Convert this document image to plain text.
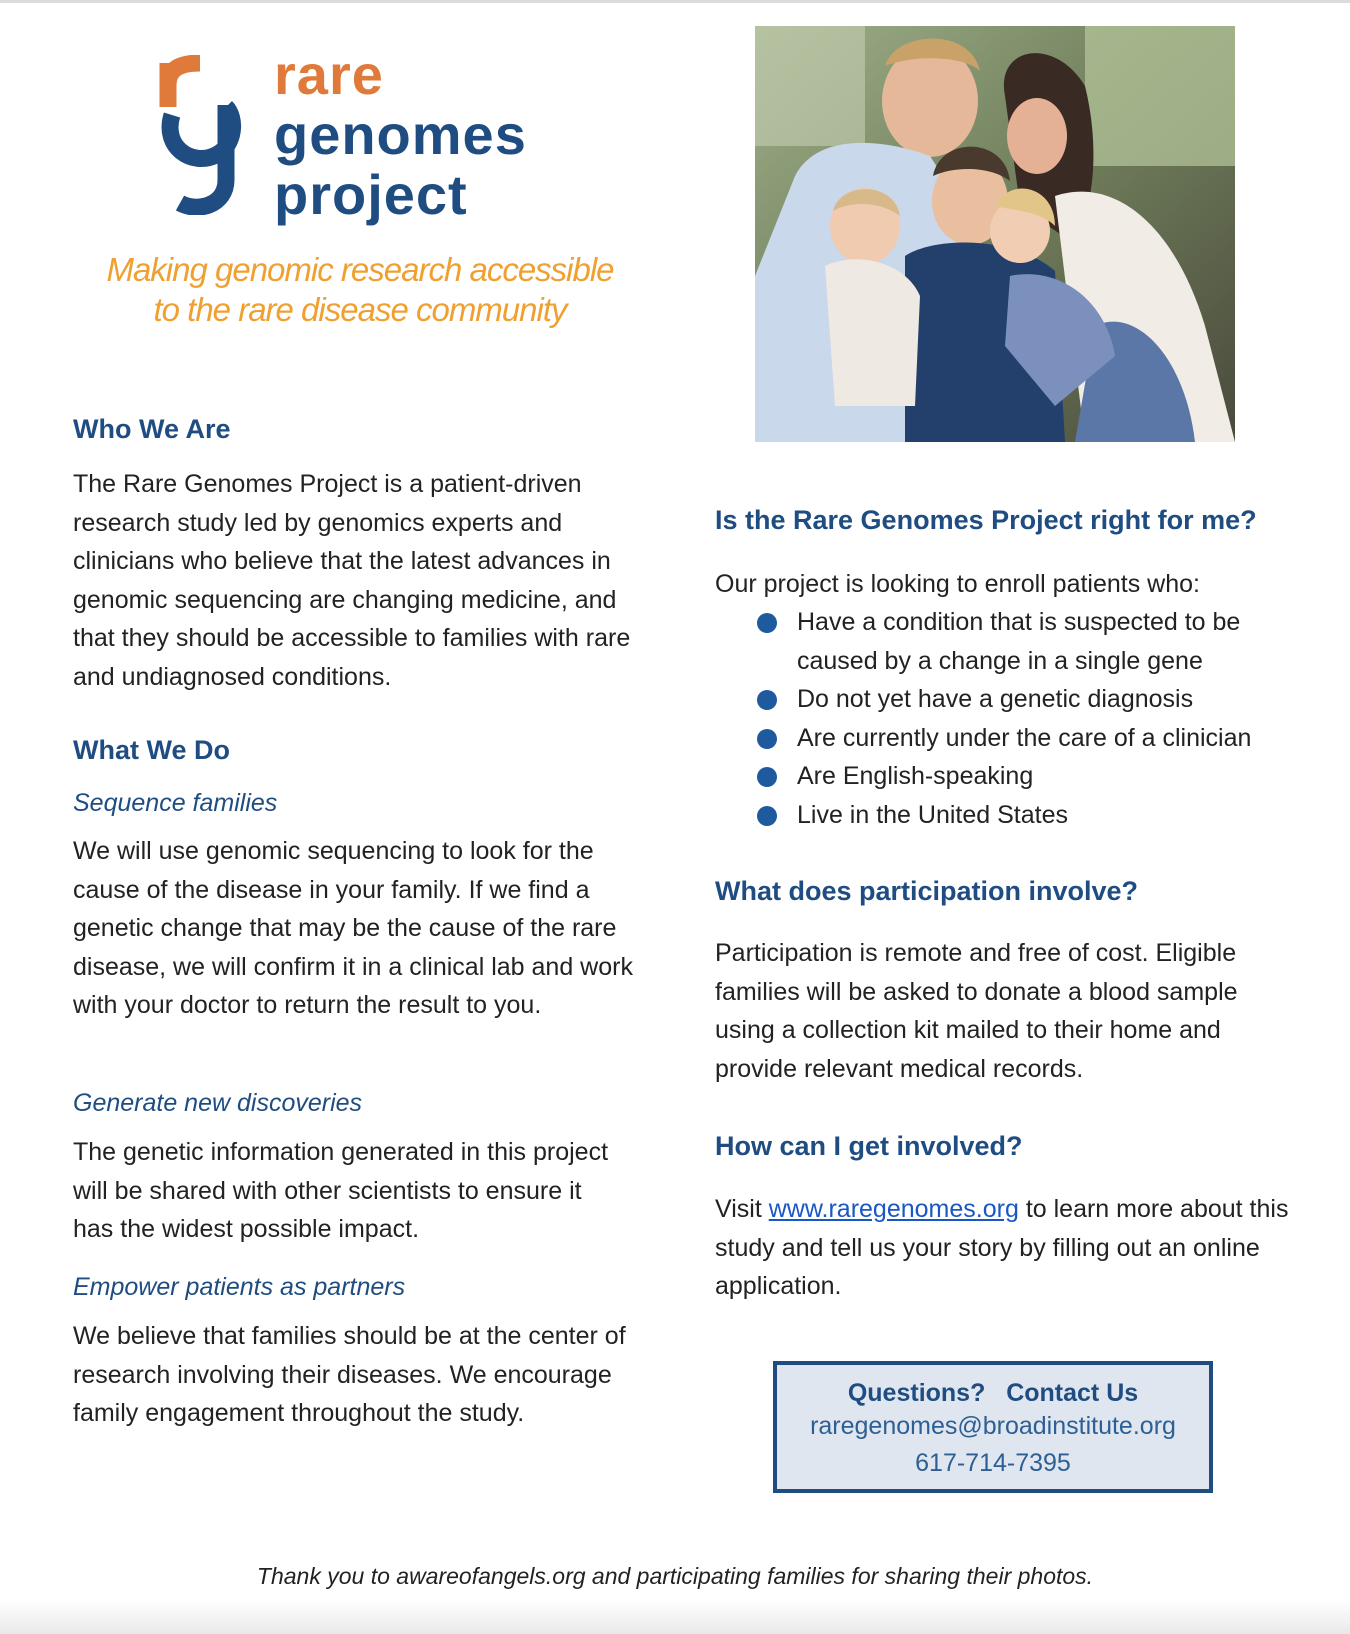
rare
genomes
project
Making genomic research accessible to the rare disease community
Who We Are

The Rare Genomes Project is a patient-driven research study led by genomics experts and clinicians who believe that the latest advances in genomic sequencing are changing medicine, and that they should be accessible to families with rare and undiagnosed conditions.

What We Do
Sequence families

We will use genomic sequencing to look for the cause of the disease in your family. If we find a genetic change that may be the cause of the rare disease, we will confirm it in a clinical lab and work with your doctor to return the result to you.

Generate new discoveries

The genetic information generated in this project will be shared with other scientists to ensure it has the widest possible impact.

Empower patients as partners

We believe that families should be at the center of research involving their diseases. We encourage family engagement throughout the study.

Is the Rare Genomes Project right for me?

Our project is looking to enroll patients who:

Have a condition that is suspected to be caused by a change in a single gene
Do not yet have a genetic diagnosis
Are currently under the care of a clinician
Are English-speaking
Live in the United States
What does participation involve?

Participation is remote and free of cost. Eligible families will be asked to donate a blood sample using a collection kit mailed to their home and provide relevant medical records.

How can I get involved?

Visit www.raregenomes.org to learn more about this study and tell us your story by filling out an online application.

Questions?   Contact Us
raregenomes@broadinstitute.org
617-714-7395
Thank you to awareofangels.org and participating families for sharing their photos.
